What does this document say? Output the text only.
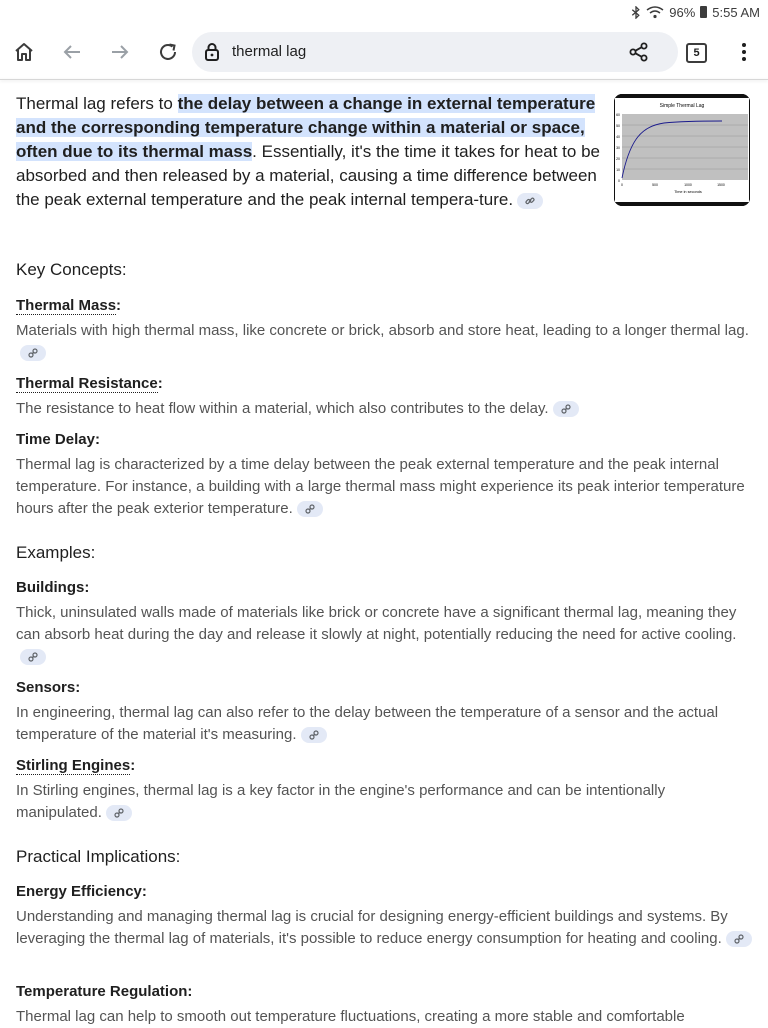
96% 5:55 AM
thermal lag	5

Thermal lag refers to the delay between a change in external temperature and the corresponding temperature change within a material or space, often due to its thermal mass. Essentially, it's the time it takes for heat to be absorbed and then released by a material, causing a time difference between the peak external temperature and the peak internal tempera-ture.

Simple Thermal Lag
60
50
40
30
20
10
0
0	500	1000	1500
Time in seconds
Key Concepts:
Thermal Mass:

Materials with high thermal mass, like concrete or brick, absorb and store heat, leading to a longer thermal lag.

Thermal Resistance:

The resistance to heat flow within a material, which also contributes to the delay.

Time Delay:

Thermal lag is characterized by a time delay between the peak external temperature and the peak internal temperature. For instance, a building with a large thermal mass might experience its peak interior temperature hours after the peak exterior temperature.

Examples:
Buildings:

Thick, uninsulated walls made of materials like brick or concrete have a significant thermal lag, meaning they can absorb heat during the day and release it slowly at night, potentially reducing the need for active cooling.

Sensors:

In engineering, thermal lag can also refer to the delay between the temperature of a sensor and the actual temperature of the material it's measuring.

Stirling Engines:

In Stirling engines, thermal lag is a key factor in the engine's performance and can be intentionally manipulated.

Practical Implications:
Energy Efficiency:

Understanding and managing thermal lag is crucial for designing energy-efficient buildings and systems. By leveraging the thermal lag of materials, it's possible to reduce energy consumption for heating and cooling.

Temperature Regulation:

Thermal lag can help to smooth out temperature fluctuations, creating a more stable and comfortable
